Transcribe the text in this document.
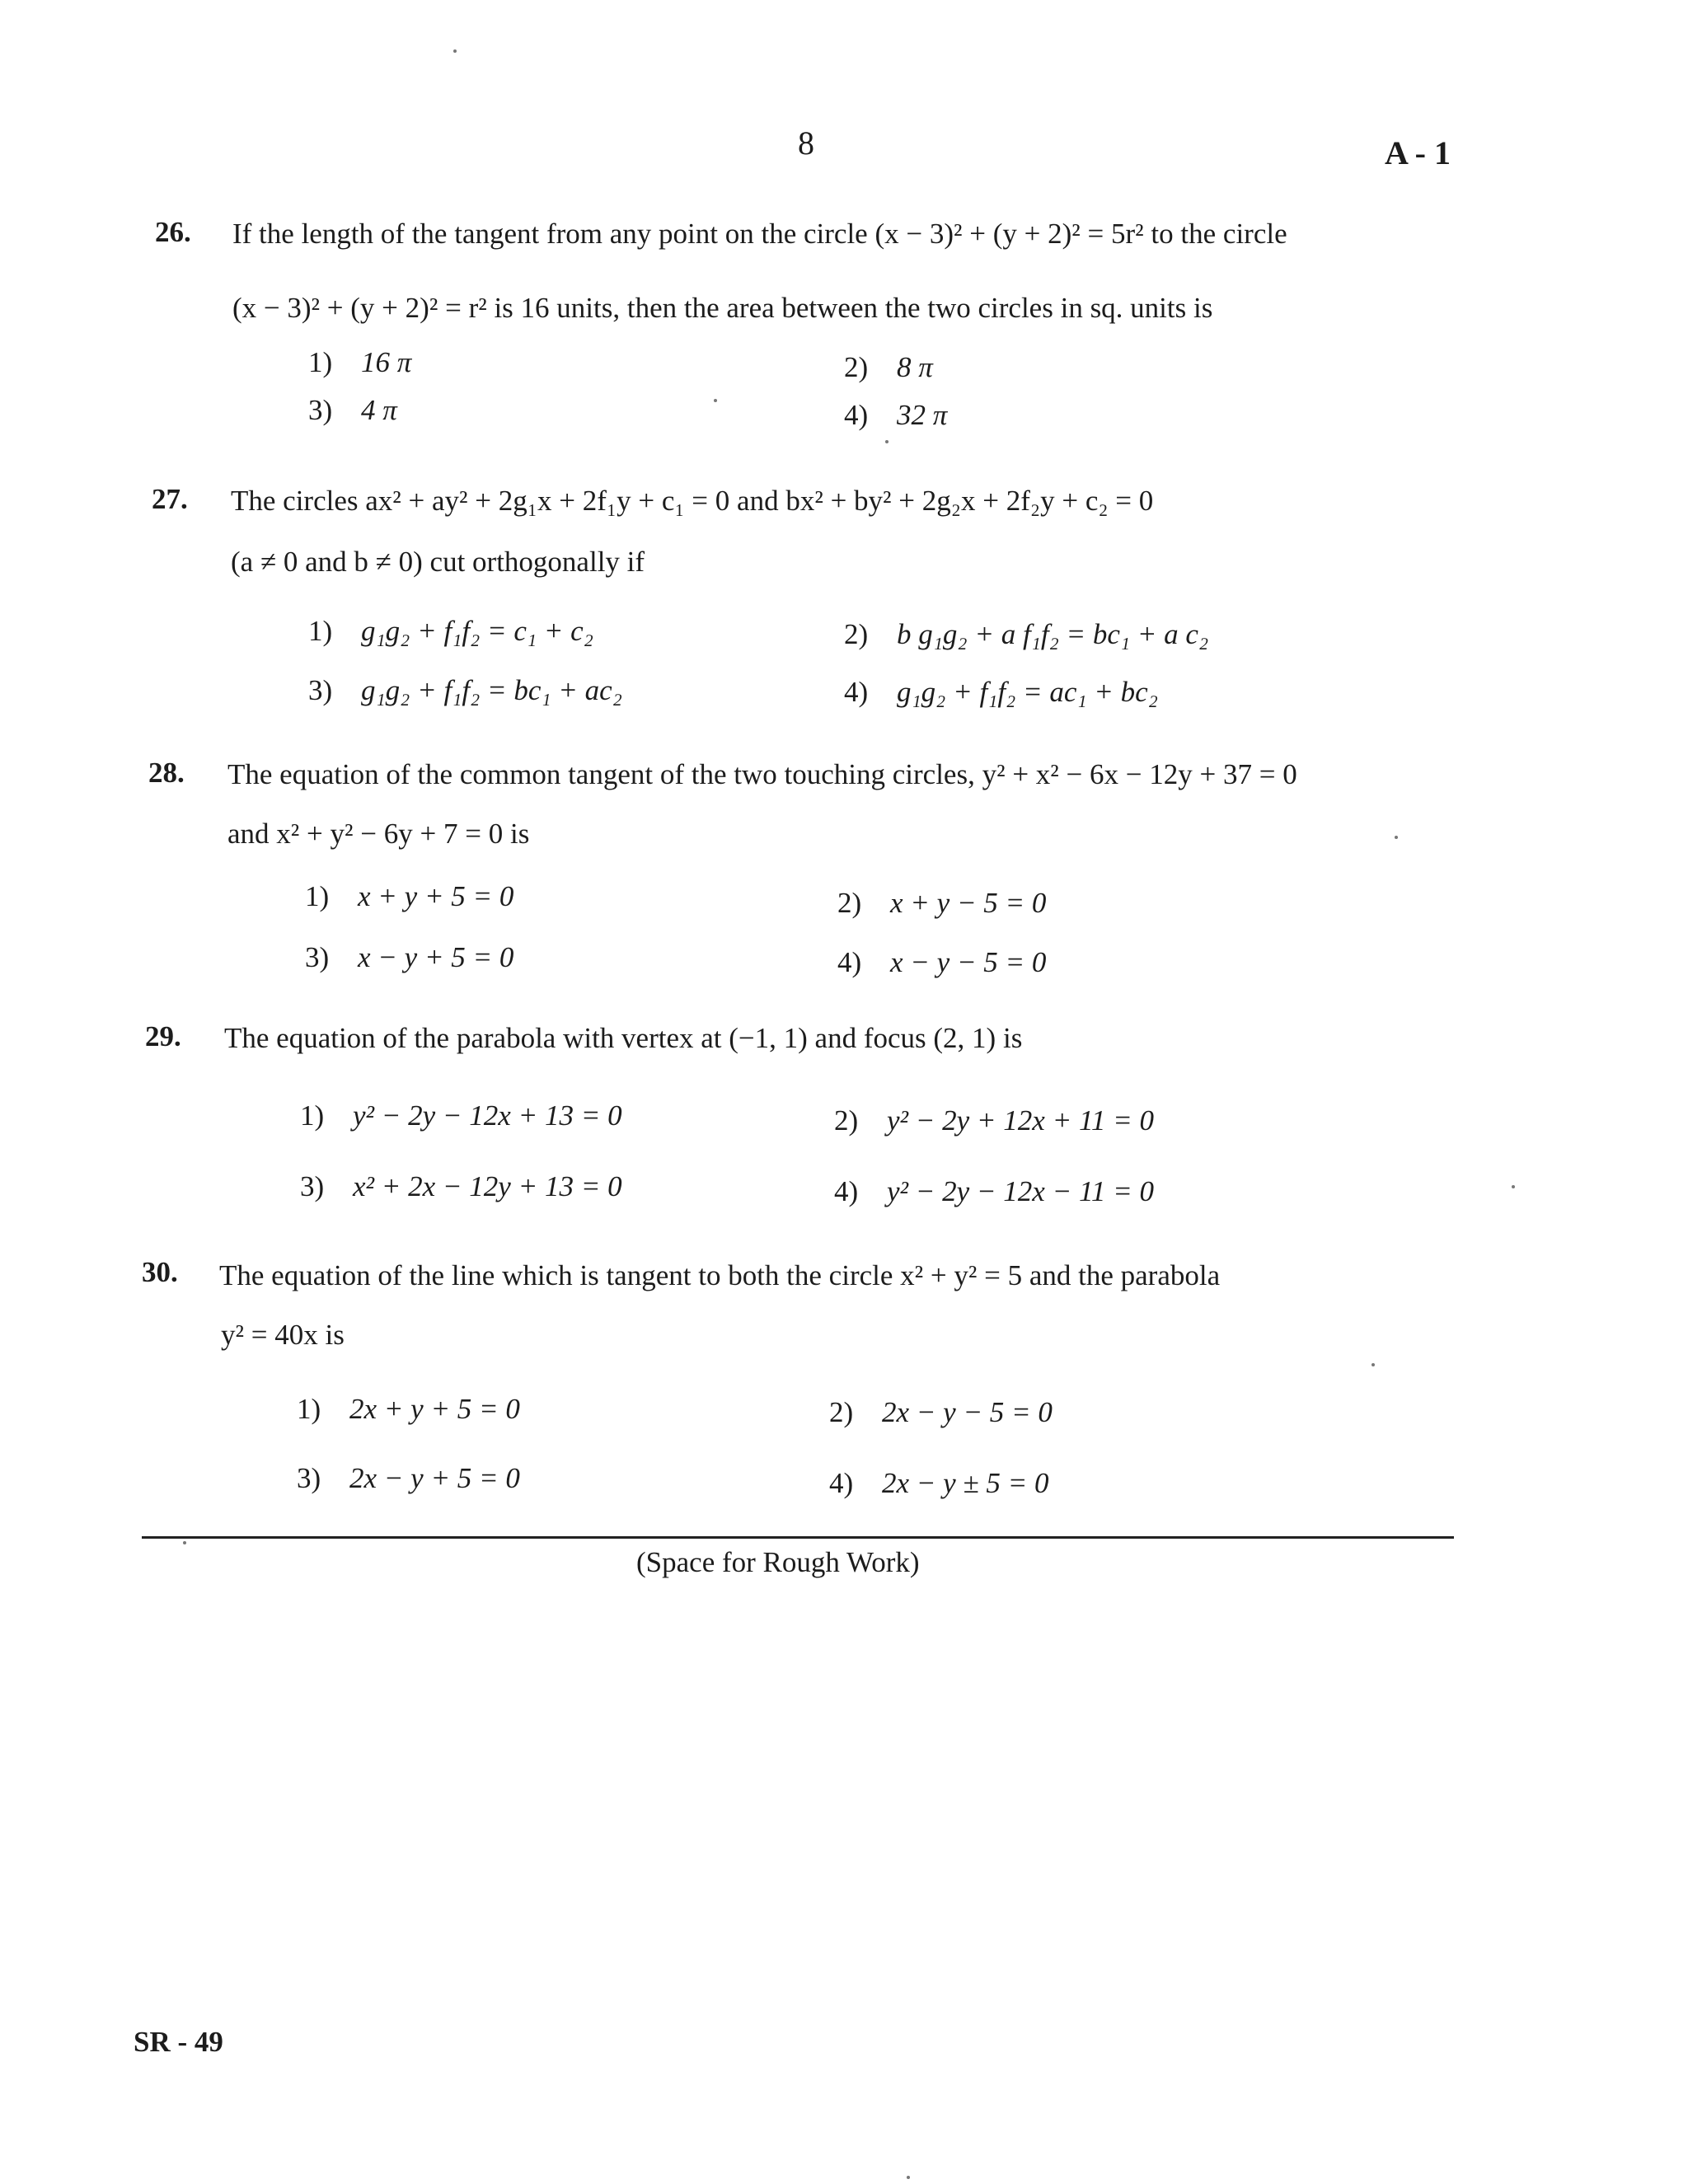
8	A - 1
26. If the length of the tangent from any point on the circle (x − 3)² + (y + 2)² = 5r² to the circle
(x − 3)² + (y + 2)² = r² is 16 units, then the area between the two circles in sq. units is
1) 16 π	2) 8 π
3) 4 π	4) 32 π
27. The circles ax² + ay² + 2g₁x + 2f₁y + c₁ = 0 and bx² + by² + 2g₂x + 2f₂y + c₂ = 0
(a ≠ 0 and b ≠ 0) cut orthogonally if
1) g₁g₂ + f₁f₂ = c₁ + c₂	2) b g₁g₂ + a f₁f₂ = bc₁ + a c₂
3) g₁g₂ + f₁f₂ = bc₁ + ac₂	4) g₁g₂ + f₁f₂ = ac₁ + bc₂
28. The equation of the common tangent of the two touching circles, y² + x² − 6x − 12y + 37 = 0
and x² + y² − 6y + 7 = 0 is
1) x + y + 5 = 0	2) x + y − 5 = 0
3) x − y + 5 = 0	4) x − y − 5 = 0
29. The equation of the parabola with vertex at (−1, 1) and focus (2, 1) is
1) y² − 2y − 12x + 13 = 0	2) y² − 2y + 12x + 11 = 0
3) x² + 2x − 12y + 13 = 0	4) y² − 2y − 12x − 11 = 0
30. The equation of the line which is tangent to both the circle x² + y² = 5 and the parabola
y² = 40x is
1) 2x + y + 5 = 0	2) 2x − y − 5 = 0
3) 2x − y + 5 = 0	4) 2x − y ± 5 = 0
(Space for Rough Work)
SR - 49
